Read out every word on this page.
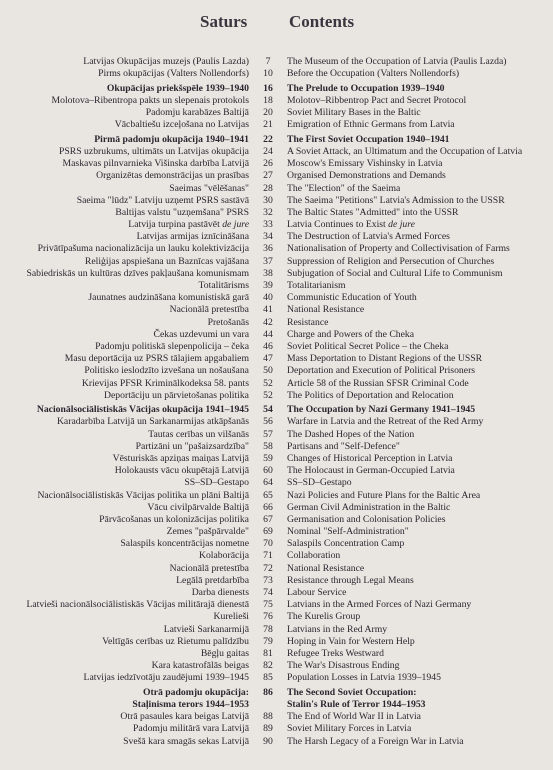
Saturs Contents
Latvijas Okupācijas muzejs (Paulis Lazda)	7	The Museum of the Occupation of Latvia (Paulis Lazda)
Pirms okupācijas (Valters Nollendorfs)	10	Before the Occupation (Valters Nollendorfs)
Okupācijas priekšspēle 1939–1940	16	The Prelude to Occupation 1939–1940
Molotova–Ribentropa pakts un slepenais protokols	18	Molotov–Ribbentrop Pact and Secret Protocol
Padomju karabāzes Baltijā	20	Soviet Military Bases in the Baltic
Vācbaltiešu izceļošana no Latvijas	21	Emigration of Ethnic Germans from Latvia
Pirmā padomju okupācija 1940–1941	22	The First Soviet Occupation 1940–1941
PSRS uzbrukums, ultimāts un Latvijas okupācija	24	A Soviet Attack, an Ultimatum and the Occupation of Latvia
Maskavas pilnvarnieka Višinska darbība Latvijā	26	Moscow's Emissary Vishinsky in Latvia
Organizētas demonstrācijas un prasības	27	Organised Demonstrations and Demands
Saeimas "vēlēšanas"	28	The "Election" of the Saeima
Saeima "lūdz" Latviju uzņemt PSRS sastāvā	30	The Saeima "Petitions" Latvia's Admission to the USSR
Baltijas valstu "uzņemšana" PSRS	32	The Baltic States "Admitted" into the USSR
Latvija turpina pastāvēt de jure	33	Latvia Continues to Exist de jure
Latvijas armijas iznīcināšana	34	The Destruction of Latvia's Armed Forces
Privātīpašuma nacionalizācija un lauku kolektivizācija	36	Nationalisation of Property and Collectivisation of Farms
Reliģijas apspiešana un Baznīcas vajāšana	37	Suppression of Religion and Persecution of Churches
Sabiedriskās un kultūras dzīves pakļaušana komunismam	38	Subjugation of Social and Cultural Life to Communism
Totalitārisms	39	Totalitarianism
Jaunatnes audzināšana komunistiskā garā	40	Communistic Education of Youth
Nacionālā pretestība	41	National Resistance
Pretošanās	42	Resistance
Čekas uzdevumi un vara	44	Charge and Powers of the Cheka
Padomju politiskā slepenpolicija – čeka	46	Soviet Political Secret Police – the Cheka
Masu deportācija uz PSRS tālajiem apgabaliem	47	Mass Deportation to Distant Regions of the USSR
Politisko ieslodzīto izvešana un nošaušana	50	Deportation and Execution of Political Prisoners
Krievijas PFSR Kriminālkodeksa 58. pants	52	Article 58 of the Russian SFSR Criminal Code
Deportāciju un pārvietošanas politika	52	The Politics of Deportation and Relocation
Nacionālsociālistiskās Vācijas okupācija 1941–1945	54	The Occupation by Nazi Germany 1941–1945
Karadarbība Latvijā un Sarkanarmijas atkāpšanās	56	Warfare in Latvia and the Retreat of the Red Army
Tautas cerības un vilšanās	57	The Dashed Hopes of the Nation
Partizāni un "pašaizsardzība"	58	Partisans and "Self-Defence"
Vēsturiskās apziņas maiņas Latvijā	59	Changes of Historical Perception in Latvia
Holokausts vācu okupētajā Latvijā	60	The Holocaust in German-Occupied Latvia
SS–SD–Gestapo	64	SS–SD–Gestapo
Nacionālsociālistiskās Vācijas politika un plāni Baltijā	65	Nazi Policies and Future Plans for the Baltic Area
Vācu civilpārvalde Baltijā	66	German Civil Administration in the Baltic
Pārvācošanas un kolonizācijas politika	67	Germanisation and Colonisation Policies
Zemes "pašpārvalde"	69	Nominal "Self-Administration"
Salaspils koncentrācijas nometne	70	Salaspils Concentration Camp
Kolaborācija	71	Collaboration
Nacionālā pretestība	72	National Resistance
Legālā pretdarbība	73	Resistance through Legal Means
Darba dienests	74	Labour Service
Latvieši nacionālsociālistiskās Vācijas militārajā dienestā	75	Latvians in the Armed Forces of Nazi Germany
Kurelieši	76	The Kurelis Group
Latvieši Sarkanarmijā	78	Latvians in the Red Army
Veltīgās cerības uz Rietumu palīdzību	79	Hoping in Vain for Western Help
Bēgļu gaitas	81	Refugee Treks Westward
Kara katastrofālās beigas	82	The War's Disastrous Ending
Latvijas iedzīvotāju zaudējumi 1939–1945	85	Population Losses in Latvia 1939–1945
Otrā padomju okupācija:	86	The Second Soviet Occupation:
Staļinisma terors 1944–1953	Stalin's Rule of Terror 1944–1953
Otrā pasaules kara beigas Latvijā	88	The End of World War II in Latvia
Padomju militārā vara Latvijā	89	Soviet Military Forces in Latvia
Svešā kara smagās sekas Latvijā	90	The Harsh Legacy of a Foreign War in Latvia
